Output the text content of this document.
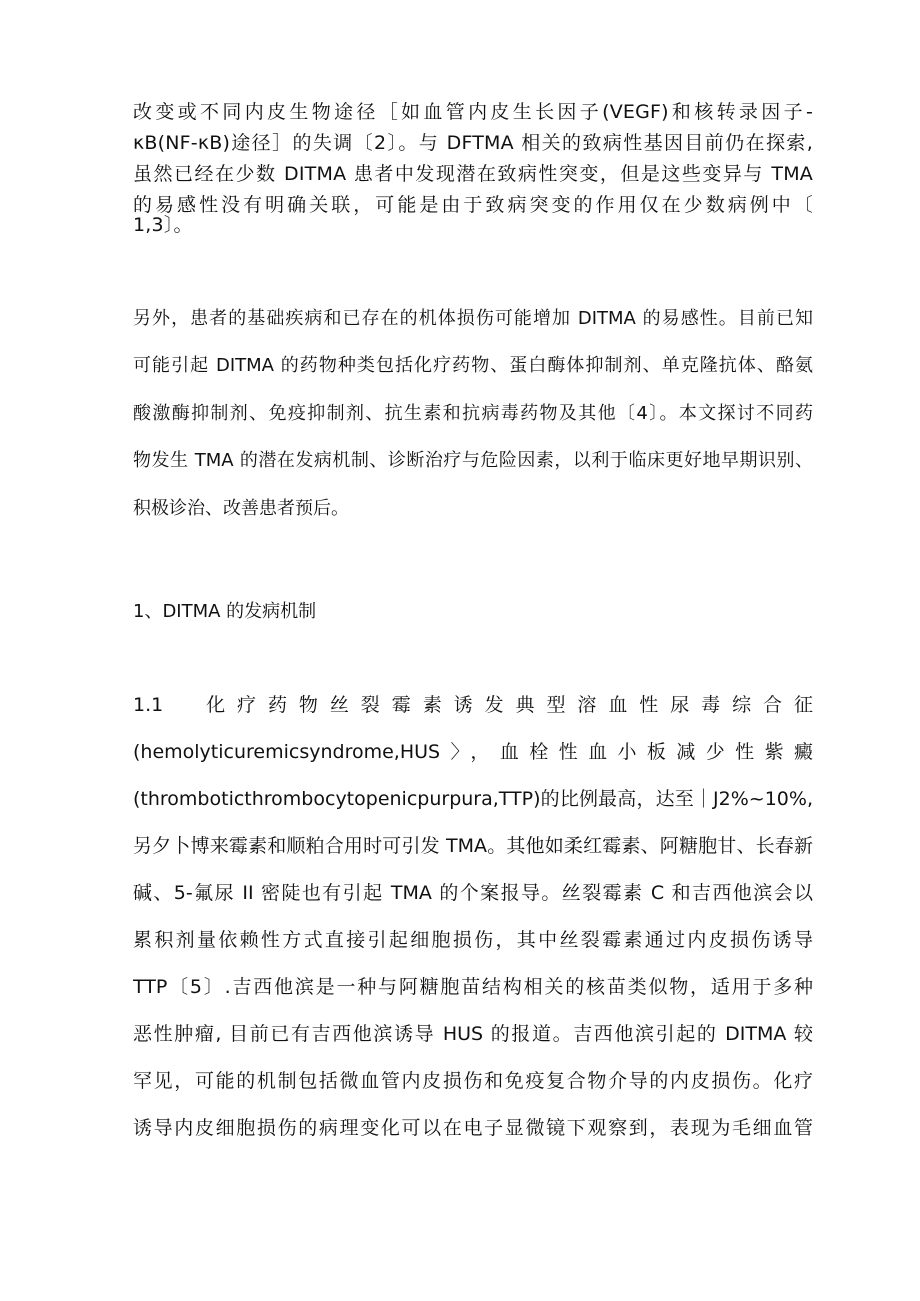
改变或不同内皮生物途径［如血管内皮生长因子(VEGF)和核转录因子-
κB(NF-κB)途径］的失调〔2〕。与 DFTMA 相关的致病性基因目前仍在探索,
虽然已经在少数 DITMA 患者中发现潜在致病性突变，但是这些变异与 TMA
的易感性没有明确关联，可能是由于致病突变的作用仅在少数病例中〔
1,3〕。
另外，患者的基础疾病和已存在的机体损伤可能增加 DITMA 的易感性。目前已知
可能引起 DITMA 的药物种类包括化疗药物、蛋白酶体抑制剂、单克隆抗体、酪氨
酸激酶抑制剂、免疫抑制剂、抗生素和抗病毒药物及其他〔4〕。本文探讨不同药
物发生 TMA 的潜在发病机制、诊断治疗与危险因素，以利于临床更好地早期识别、
积极诊治、改善患者预后。
1、DITMA 的发病机制
1.1　化疗药物丝裂霉素诱发典型溶血性尿毒综合征
(hemolyticuremicsyndrome,HUS〉，血栓性血小板减少性紫癜
(thromboticthrombocytopenicpurpura,TTP)的比例最高，达至｜J2%~10%,
另夕卜博来霉素和顺粕合用时可引发 TMA。其他如柔红霉素、阿糖胞甘、长春新
碱、5-氟尿 II 密陡也有引起 TMA 的个案报导。丝裂霉素 C 和吉西他滨会以
累积剂量依赖性方式直接引起细胞损伤，其中丝裂霉素通过内皮损伤诱导
TTP〔5〕.吉西他滨是一种与阿糖胞苗结构相关的核苗类似物，适用于多种
恶性肿瘤, 目前已有吉西他滨诱导 HUS 的报道。吉西他滨引起的 DITMA 较
罕见，可能的机制包括微血管内皮损伤和免疫复合物介导的内皮损伤。化疗
诱导内皮细胞损伤的病理变化可以在电子显微镜下观察到，表现为毛细血管
